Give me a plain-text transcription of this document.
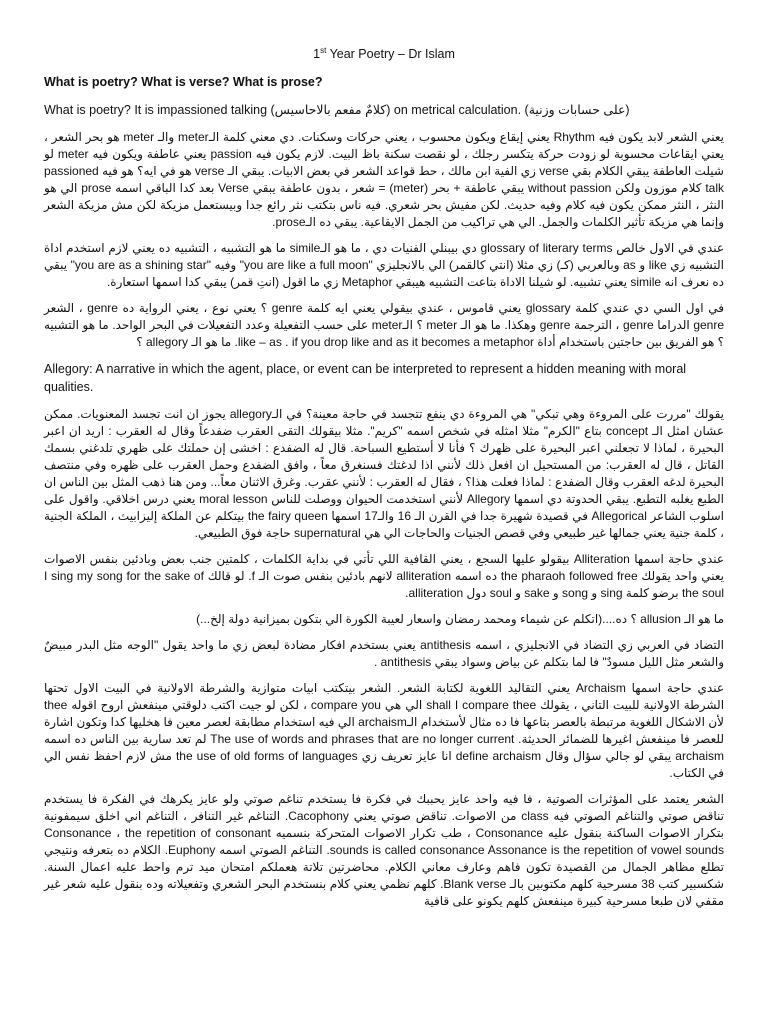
1st Year Poetry – Dr Islam
What is poetry? What is verse? What is prose?

What is poetry? It is impassioned talking (كلامٌ مفعم بالاحاسيس) on metrical calculation. (على حسابات وزنية)

يعني الشعر لابد يكون فيه Rhythm يعني إيقاع ويكون محسوب ، يعني حركات وسكنات. دي معني كلمة الـmeter والـ meter هو بحر الشعر ، يعني ايقاعات محسوبة لو زودت حركة يتكسر رجلك ، لو نقصت سكنة باظ البيت. لازم يكون فيه passion يعني عاطفة ويكون فيه meter لو شيلت العاطفة يبقي الكلام بقي verse زي الفية ابن مالك ، حط قواعد الشعر في بعض الابيات. يبقي الـ verse هو في ايه؟ هو فيه passioned talk كلام موزون ولكن without passion يبقي عاطفة + بحر (meter) = شعر ، بدون عاطفة يبقي Verse بعد كدا الباقي اسمه prose الي هو النثر ، النثر ممكن يكون فيه كلام وفيه حديث. لكن مفيش بحر شعري. فيه ناس بتكتب نثر رائع جدا وبيستعمل مزيكة لكن مش مزيكة الشعر وإنما هي مزيكة تأثير الكلمات والجمل. الي هي تراكيب من الجمل الايقاعية. يبقي ده الـprose.

عندي في الاول خالص glossary of literary terms دي بيبنلي الفنيات دي ، ما هو الـsimile ما هو التشبيه ، التشبيه ده يعني لازم استخدم اداة التشبيه زي like و as وبالعربي (كـ) زي مثلا (انتي كالقمر) الي بالانجليزي "you are like a full moon" وفيه "you are as a shining star" يبقي ده نعرف انه simile يعني تشبيه. لو شيلنا الاداة بتاعت التشبيه هيبقي Metaphor زي ما اقول (انتِ قمر) يبقي كدا اسمها استعارة.

في اول السي دي عندي كلمة glossary يعني قاموس ، عندي بيقولي يعني ايه كلمة genre ؟ يعني نوع ، يعني الرواية ده genre ، الشعر genre الدراما genre ، الترجمة genre وهكذا. ما هو الـ meter ؟ الـmeter على حسب التفعيلة وعدد التفعيلات في البحر الواحد. ما هو التشبيه ؟ هو الفريق بين حاجتين باستخدام أداة like – as . if you drop like and as it becomes a metaphor. ما هو الـ allegory ؟

Allegory: A narrative in which the agent, place, or event can be interpreted to represent a hidden meaning with moral qualities.

يقولك "مررت على المروءة وهي تبكي" هي المروءة دي ينفع تتجسد في حاجة معينة؟ في الـallegory يجوز ان انت تجسد المعنويات. ممكن عشان امثل الـ concept بتاع "الكرم" مثلا امثله في شخص اسمه "كريم". مثلا بيقولك التقى العقرب ضفدعاً وقال له العقرب : اريد ان اعبر البحيرة ، لماذا لا تجعلني اعبر البحيرة على ظهرك ؟ فأنا لا أستطيع السباحة. قال له الضفدع : اخشى إن حملتك على ظهري تلدغني بسمك القاتل ، قال له العقرب: من المستحيل ان افعل ذلك لأنني اذا لدغتك فسنغرق معاً ، وافق الضفدع وحمل العقرب على ظهره وفي منتصف البحيرة لدغه العقرب وقال الضفدع : لماذا فعلت هذا؟ ، فقال له العقرب : لأنني عقرب. وغرق الاثنان معاً... ومن هنا ذهب المثل بين الناس ان الطبع يغلبه التطبع. يبقي الحدوتة دي اسمها Allegory لأنني استخدمت الحيوان ووصلت للناس moral lesson يعني درس اخلاقي. واقول على اسلوب الشاعر Allegorical في قصيدة شهيرة جدا في القرن الـ 16 والـ17 اسمها the fairy queen بيتكلم عن الملكة إليزابيث ، الملكة الجنية ، كلمة جنية يعني جمالها غير طبيعي وفي قصص الجنيات والحاجات الي هي supernatural حاجة فوق الطبيعي.

عندي حاجة اسمها Alliteration بيقولو عليها السجع ، يعني القافية اللي تأتي في بداية الكلمات ، كلمتين جنب بعض وبادئين بنفس الاصوات يعني واحد يقولك the pharaoh followed free ده اسمه alliteration لانهم بادئين بنفس صوت الـ f. لو قالك I sing my song for the sake of the soul برضو كلمة sing و song و sake و soul دول alliteration.

ما هو الـ allusion ؟ ده....(اتكلم عن شيماء ومحمد رمضان واسعار لعيبة الكورة الي بتكون بميزانية دولة إلخ...)

التضاد في العربي زي التضاد في الانجليزي ، اسمه antithesis يعني بستخدم افكار مضادة لبعض زي ما واحد يقول "الوجه مثل البدر مبيضٌ والشعر مثل الليل مسودٌ" فا لما بتكلم عن بياض وسواد يبقي antithesis .

عندي حاجة اسمها Archaism يعني التقاليد اللغوية لكتابة الشعر. الشعر بيتكتب ابيات متوازية والشرطة الاولانية في البيت الاول تحتها الشرطة الاولانية للبيت التاني ، يقولك shall I compare thee الي هي compare you ، لكن لو جيت اكتب دلوقتي مينفعش اروح اقوله thee لأن الاشكال اللغوية مرتبطة بالعصر بتاعها فا ده مثال لأستخدام الـarchaism الي فيه استخدام مطابقة لعصر معين فا هخليها كدا وتكون اشارة للعصر فا مينفعش اغيرها للضمائر الحديثة. The use of words and phrases that are no longer current لم تعد سارية بين الناس ده اسمه archaism يبقي لو جالي سؤال وقال define archaism انا عايز تعريف زي the use of old forms of languages مش لازم احفظ نفس الي في الكتاب.

الشعر يعتمد على المؤثرات الصوتية ، فا فيه واحد عايز يحببك في فكرة فا يستخدم تناغم صوتي ولو عايز يكرهك في الفكرة فا يستخدم تناقض صوتي والتناغم الصوتي فيه class من الاصوات. تناقض صوتي يعني Cacophony. التناغم غير التنافر ، التناغم اني اخلق سيمفونية بتكرار الاصوات الساكنة بنقول عليه Consonance ، طب تكرار الاصوات المتحركة بنسميه Consonance ، the repetition of consonant sounds is called consonance Assonance is the repetition of vowel sounds. التناغم الصوتي اسمه Euphony. الكلام ده بتعرفه ونتيجي تطلع مظاهر الجمال من القصيدة تكون فاهم وعارف معاني الكلام. محاضرتين تلاتة هعملكم امتحان ميد ترم واحط عليه اعمال السنة. شكسبير كتب 38 مسرحية كلهم مكتوبين بالـ Blank verse. كلهم نظمي يعني كلام بنستخدم البحر الشعري وتفعيلاته وده بنقول عليه شعر غير مقفي لان طبعا مسرحية كبيرة مينفعش كلهم يكونو على قافية
